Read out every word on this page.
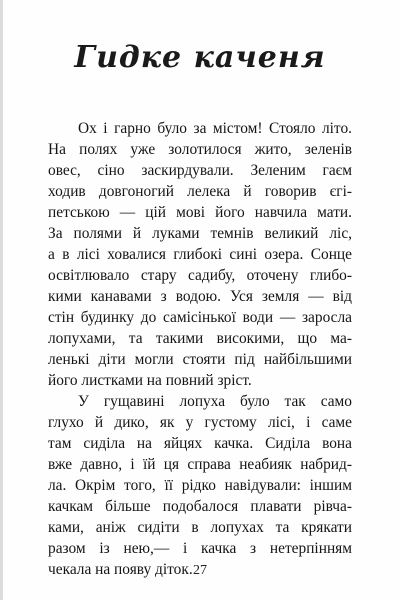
Гидке каченя
Ох і гарно було за містом! Стояло літо.
На полях уже золотилося жито, зеленів
овес, сіно заскирдували. Зеленим гаєм
ходив довгоногий лелека й говорив єгі-
петською — цій мові його навчила мати.
За полями й луками темнів великий ліс,
а в лісі ховалися глибокі сині озера. Сонце
освітлювало стару садибу, оточену глибо-
кими канавами з водою. Уся земля — від
стін будинку до самісінької води — заросла
лопухами, та такими високими, що ма-
ленькі діти могли стояти під найбільшими
його листками на повний зріст.
У гущавині лопуха було так само
глухо й дико, як у густому лісі, і саме
там сиділа на яйцях качка. Сиділа вона
вже давно, і їй ця справа неабияк набрид-
ла. Окрім того, її рідко навідували: іншим
качкам більше подобалося плавати рівча-
ками, аніж сидіти в лопухах та крякати
разом із нею,— і качка з нетерпінням
чекала на появу діток. 27
